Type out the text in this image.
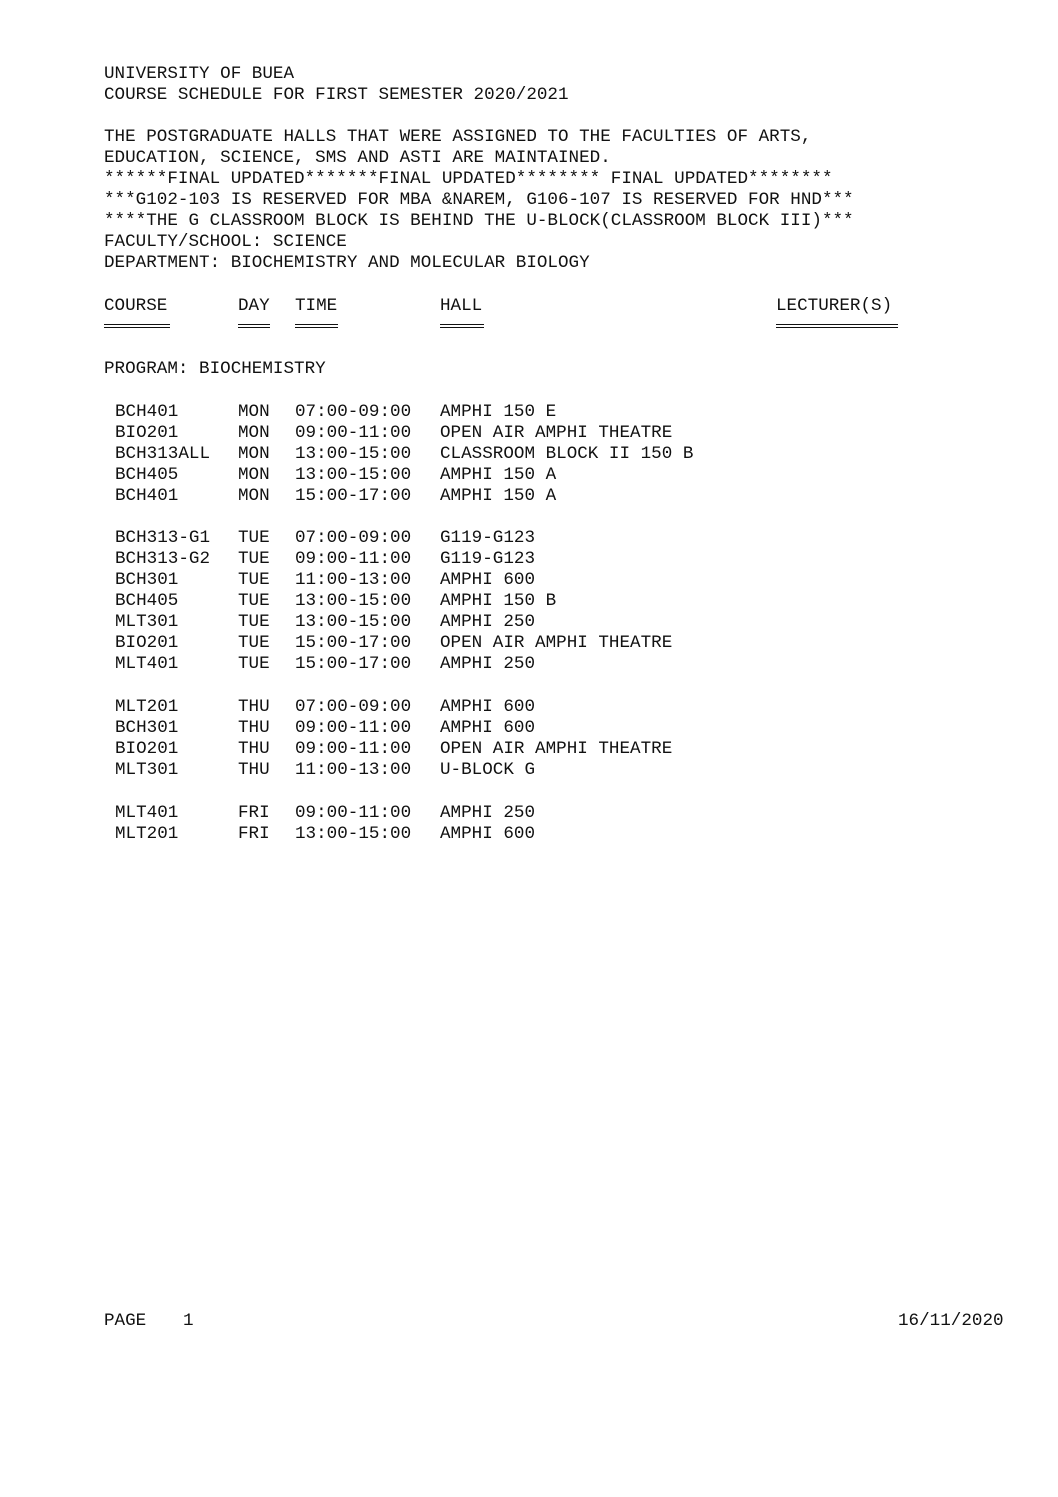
UNIVERSITY OF BUEA
COURSE SCHEDULE FOR FIRST SEMESTER 2020/2021
THE POSTGRADUATE HALLS THAT WERE ASSIGNED TO THE FACULTIES OF ARTS,
EDUCATION, SCIENCE, SMS AND ASTI ARE MAINTAINED.
******FINAL UPDATED*******FINAL UPDATED******** FINAL UPDATED********
***G102-103 IS RESERVED FOR MBA &NAREM, G106-107 IS RESERVED FOR HND***
****THE G CLASSROOM BLOCK IS BEHIND THE U-BLOCK(CLASSROOM BLOCK III)***
FACULTY/SCHOOL: SCIENCE
DEPARTMENT: BIOCHEMISTRY AND MOLECULAR BIOLOGY
COURSE	DAY TIME	HALL	LECTURER(S)
PROGRAM: BIOCHEMISTRY
BCH401	MON 07:00-09:00 AMPHI 150 E
BIO201	MON 09:00-11:00 OPEN AIR AMPHI THEATRE
BCH313ALL MON 13:00-15:00 CLASSROOM BLOCK II 150 B
BCH405	MON 13:00-15:00 AMPHI 150 A
BCH401	MON 15:00-17:00 AMPHI 150 A
BCH313-G1 TUE 07:00-09:00 G119-G123
BCH313-G2 TUE 09:00-11:00 G119-G123
BCH301	TUE 11:00-13:00 AMPHI 600
BCH405	TUE 13:00-15:00 AMPHI 150 B
MLT301	TUE 13:00-15:00 AMPHI 250
BIO201	TUE 15:00-17:00 OPEN AIR AMPHI THEATRE
MLT401	TUE 15:00-17:00 AMPHI 250
MLT201	THU 07:00-09:00 AMPHI 600
BCH301	THU 09:00-11:00 AMPHI 600
BIO201	THU 09:00-11:00 OPEN AIR AMPHI THEATRE
MLT301	THU 11:00-13:00 U-BLOCK G
MLT401	FRI 09:00-11:00 AMPHI 250
MLT201	FRI 13:00-15:00 AMPHI 600
PAGE 1	16/11/2020
